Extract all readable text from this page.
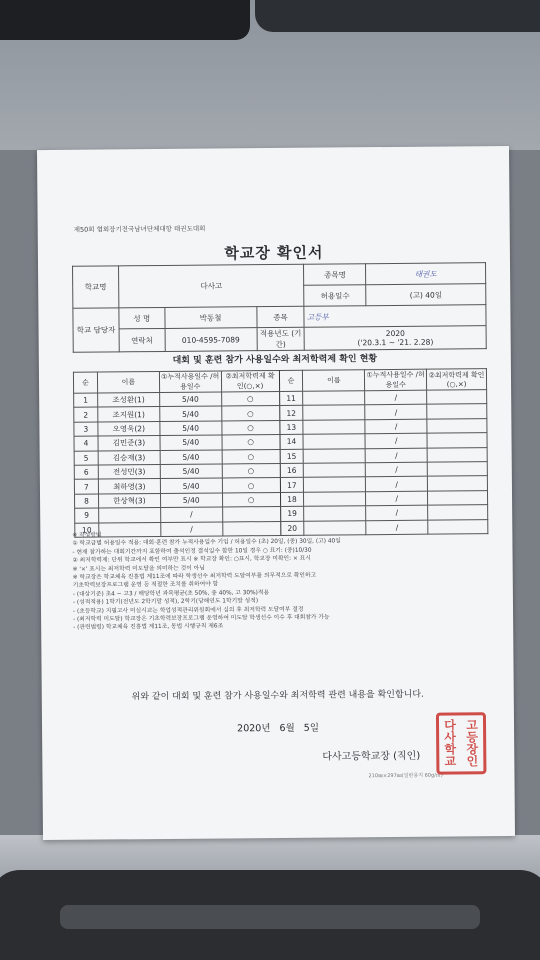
제50회 협회장기전국남녀단체대항 태권도대회
학교장 확인서
학교명	다사고			종목명	태권도
				허용일수	(고) 40일
학교 담당자	성 명	박동철	종목	고등부	
	연락처	010-4595-7089	적용년도 (기간)	2020
('20.3.1 ~ '21. 2.28)	
대회 및 훈련 참가 사용일수와 최저학력제 확인 현황
순	이름	①누적사용일수 /허용일수	②최저학력제 확인(○,×)	순	이름	①누적사용일수 /허용일수	②최저학력제 확인(○,×)
1	조성환(1)	5/40	○	11		/	
2	조지원(1)	5/40	○	12		/	
3	오영욱(2)	5/40	○	13		/	
4	김민준(3)	5/40	○	14		/	
5	김승재(3)	5/40	○	15		/	
6	전성민(3)	5/40	○	16		/	
7	최하영(3)	5/40	○	17		/	
8	한상혁(3)	5/40	○	18		/	
9		/		19		/	
10		/		20		/	
※ 작성방법
① 학교급별 허용일수 적용: 대회·훈련 참가 누적사용일수 기입 / 허용일수 (초) 20일, (중) 30일, (고) 40일
- 현재 참가하는 대회기간까지 포함하여 출석인정 결석일수 합한 10일 경우 ○ 표기: (중)10/30
② 최저학력제: 단위 학교에서 확인 여부만 표시 ※ 학교장 확인: ○표시, 학교장 미확인: × 표시
※ '×' 표시는 최저학력 미도달을 의미하는 것이 아님
※ 학교장은 학교체육 진흥법 제11조에 따라 학생선수 최저학력 도달여부를 의무적으로 확인하고
기초학력보장프로그램 운영 등 적절한 조치를 취하여야 함
- (대상기준) 초4 ~ 고3 / 해당학년 과목평균(초 50%, 중 40%, 고 30%)적용
- (성적적용) 1학기(전년도 2학기말 성적), 2학기(당해연도 1학기말 성적)
- (초등학교) 지필고사 미실시교는 학업성적관리위원회에서 심의 후 최저학력 도달여부 결정
- (최저학력 미도달) 학교장은 기초학력보장프로그램 운영하여 미도달 학생선수 이수 후 대회참가 가능
- (관련법령) 학교체육 진흥법 제11조, 동법 시행규칙 제6조
위와 같이 대회 및 훈련 참가 사용일수와 최저학력 관련 내용을 확인합니다.
2020년 6월 5일
다사고등학교장 (직인)
210㎜×297㎜(일반용지 60g/㎡)
다사
고등
학교
장인
